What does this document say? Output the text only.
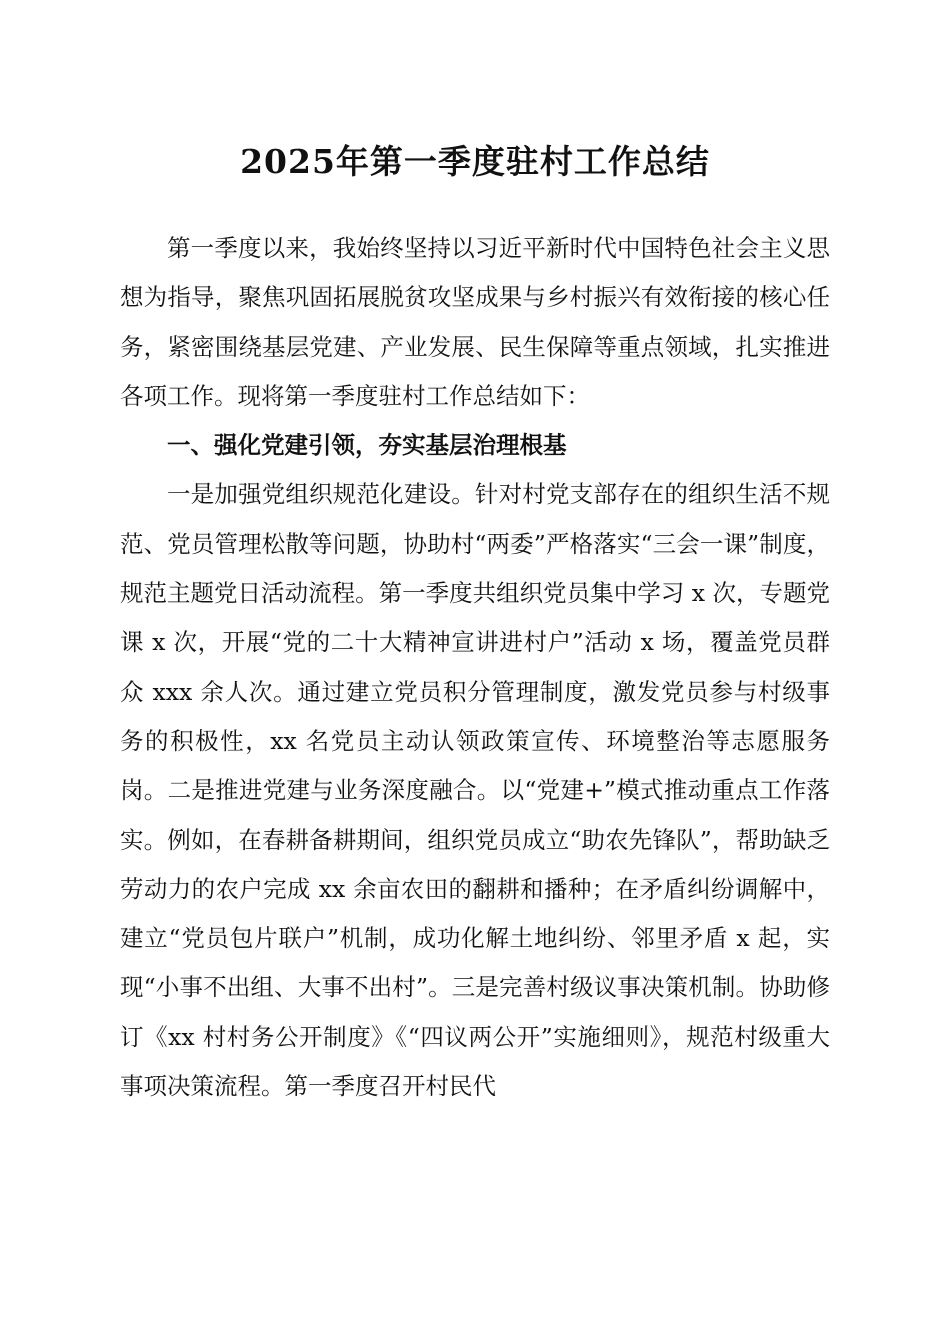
2025年第一季度驻村工作总结

第一季度以来，我始终坚持以习近平新时代中国特色社会主义思想为指导，聚焦巩固拓展脱贫攻坚成果与乡村振兴有效衔接的核心任务，紧密围绕基层党建、产业发展、民生保障等重点领域，扎实推进各项工作。现将第一季度驻村工作总结如下：

一、强化党建引领，夯实基层治理根基

一是加强党组织规范化建设。针对村党支部存在的组织生活不规范、党员管理松散等问题，协助村“两委”严格落实“三会一课”制度，规范主题党日活动流程。第一季度共组织党员集中学习 x 次，专题党课 x 次，开展“党的二十大精神宣讲进村户”活动 x 场，覆盖党员群众 xxx 余人次。通过建立党员积分管理制度，激发党员参与村级事务的积极性，xx 名党员主动认领政策宣传、环境整治等志愿服务岗。二是推进党建与业务深度融合。以“党建+”模式推动重点工作落实。例如，在春耕备耕期间，组织党员成立“助农先锋队”，帮助缺乏劳动力的农户完成 xx 余亩农田的翻耕和播种；在矛盾纠纷调解中，建立“党员包片联户”机制，成功化解土地纠纷、邻里矛盾 x 起，实现“小事不出组、大事不出村”。三是完善村级议事决策机制。协助修订《xx 村村务公开制度》《“四议两公开”实施细则》，规范村级重大事项决策流程。第一季度召开村民代
